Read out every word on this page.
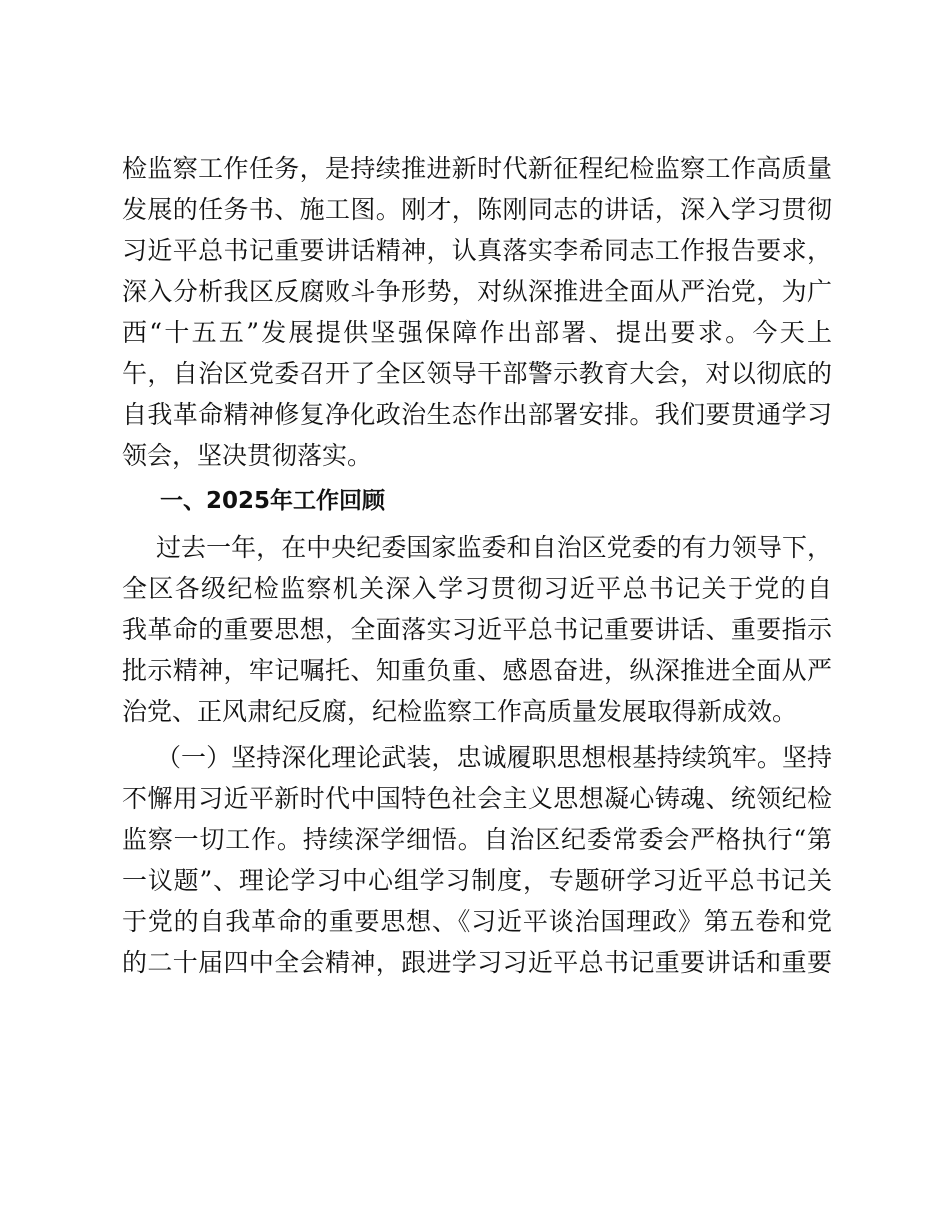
检监察工作任务，是持续推进新时代新征程纪检监察工作高质量
发展的任务书、施工图。刚才，陈刚同志的讲话，深入学习贯彻
习近平总书记重要讲话精神，认真落实李希同志工作报告要求，
深入分析我区反腐败斗争形势，对纵深推进全面从严治党，为广
西“十五五”发展提供坚强保障作出部署、提出要求。今天上
午，自治区党委召开了全区领导干部警示教育大会，对以彻底的
自我革命精神修复净化政治生态作出部署安排。我们要贯通学习
领会，坚决贯彻落实。
一、2025年工作回顾
过去一年，在中央纪委国家监委和自治区党委的有力领导下，
全区各级纪检监察机关深入学习贯彻习近平总书记关于党的自
我革命的重要思想，全面落实习近平总书记重要讲话、重要指示
批示精神，牢记嘱托、知重负重、感恩奋进，纵深推进全面从严
治党、正风肃纪反腐，纪检监察工作高质量发展取得新成效。
（一）坚持深化理论武装，忠诚履职思想根基持续筑牢。坚持
不懈用习近平新时代中国特色社会主义思想凝心铸魂、统领纪检
监察一切工作。持续深学细悟。自治区纪委常委会严格执行“第
一议题”、理论学习中心组学习制度，专题研学习近平总书记关
于党的自我革命的重要思想、《习近平谈治国理政》第五卷和党
的二十届四中全会精神，跟进学习习近平总书记重要讲话和重要
